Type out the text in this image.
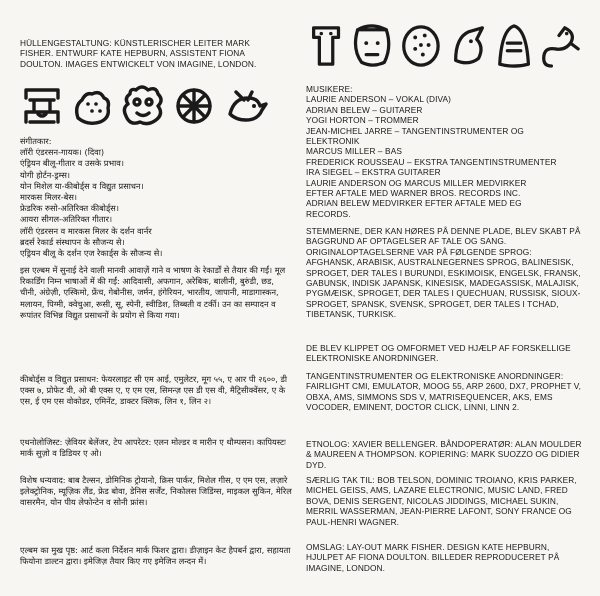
HÜLLENGESTALTUNG: KÜNSTLERISCHER LEITER MARK
FISHER. ENTWURF KATE HEPBURN, ASSISTENT FIONA
DOULTON. IMAGES ENTWICKELT VON IMAGINE, LONDON.
संगीतकार:
लॉरी एंडरसन-गायक। (दिवा)
एंड्रियन बीलू-गीतार व उसके प्रभाव।
योगी होर्टन-ड्रम्स।
योन मिशेल या-कीबोर्ड्स व विद्युत प्रसाधन।
मारकस मिलर-बेस।
फ्रेडरिक रुसो-अतिरिक्त कीबोर्ड्स।
आयरा सीगल-अतिरिक्त गीतार।
लॉरी एंडरसन व मारकस मिलर के दर्शन वार्नर
ब्रदर्स रेकार्ड संस्थापन के सौजन्य से।
एड्रियन बीलू के दर्शन एज रेकार्ड्स के सौजन्य से।

इस एल्बम में सुनाई देने वाली मानवी आवाज़ें गाने व भाषण के रेकार्डों से तैयार की गईं। मूल रिकार्डिंग निम्न भाषाओं में की गईं: आदिवासी, अफगान, अरेबिक, बालीनी, बुरुंडी, छड, चीनी, अंग्रेज़ी, एस्किमो, फ्रेंच, गेबोनीस, जर्मन, हंगेरियन, भारतीय, जापानी, माडागास्कन, मलायन, पिग्मी, क्वेचुआ, रूसी, सू, स्पेनी, स्वीडिश, तिब्बती व टर्की। उन का सम्पादन व रूपांतर विभिन्न विद्युत प्रसाधनों के प्रयोग से किया गया।

कीबोर्ड्स व विद्युत प्रसाधन: फेयरलाइट सी एम आई, एमुलेटर, मूग ५५, ए आर पी २६००, डी एक्स ७, प्रोफेट वी, ओ बी एक्स ए, ए एम एस, सिमन्ज़ एस डी एस वी, मैट्रिसीक्वेंसर, ए के एस, ई एम एस वोकोडर, एमिनेंट, डाक्टर क्लिक, लिन १, लिन २।

एथनोलोजिस्ट: ज़ेवियर बेलेंजर, टेप आपरेटर: एलन मोल्डर व मारीन ए थौम्पसन। कापियस्टः मार्क सुज़ो व डिडियर ए ओ।

विशेष धन्यवाद: बाब टैल्सन, डोमिनिक ट्रोयानो, क्रिस पार्कर, मिशेल गीस, ए एम एस, लज़ारे इलेक्ट्रोनिक, म्यूज़िक लैंड, फ्रेड बोवा, डेनिस सर्जेंट, निकोलस जिडिंग्स, माइकल सुकिन, मेरिल वासरमैन, योन पीय लेफोन्टेन व सोनी फ्रांस।

एल्बम का मुख पृष्ठ: आर्ट कला निर्देशन मार्क फिशर द्वारा। डीज़ाइन केट हैपबर्न द्वारा, सहायता फियोना डाल्टन द्वारा। इमेजिज़ तैयार किए गए इमेजिन लन्दन में।

MUSIKERE:
LAURIE ANDERSON – VOKAL (DIVA)
ADRIAN BELEW – GUITARER
YOGI HORTON – TROMMER
JEAN-MICHEL JARRE – TANGENTINSTRUMENTER OG
ELEKTRONIK
MARCUS MILLER – BAS
FREDERICK ROUSSEAU – EKSTRA TANGENTINSTRUMENTER
IRA SIEGEL – EKSTRA GUITARER
LAURIE ANDERSON OG MARCUS MILLER MEDVIRKER
EFTER AFTALE MED WARNER BROS. RECORDS INC.
ADRIAN BELEW MEDVIRKER EFTER AFTALE MED EG
RECORDS.

STEMMERNE, DER KAN HØRES PÅ DENNE PLADE, BLEV SKABT PÅ BAGGRUND AF OPTAGELSER AF TALE OG SANG. ORIGINALOPTAGELSERNE VAR PÅ FØLGENDE SPROG: AFGHANSK, ARABISK, AUSTRALNEGERNES SPROG, BALINESISK, SPROGET, DER TALES I BURUNDI, ESKIMOISK, ENGELSK, FRANSK, GABUNSK, INDISK JAPANSK, KINESISK, MADEGASSISK, MALAJISK, PYGMÆISK, SPROGET, DER TALES I QUECHUAN, RUSSISK, SIOUX-SPROGET, SPANSK, SVENSK, SPROGET, DER TALES I TCHAD, TIBETANSK, TURKISK.

DE BLEV KLIPPET OG OMFORMET VED HJÆLP AF FORSKELLIGE ELEKTRONISKE ANORDNINGER.

TANGENTINSTRUMENTER OG ELEKTRONISKE ANORDNINGER: FAIRLIGHT CMI, EMULATOR, MOOG 55, ARP 2600, DX7, PROPHET V, OBXA, AMS, SIMMONS SDS V, MATRISEQUENCER, AKS, EMS VOCODER, EMINENT, DOCTOR CLICK, LINNI, LINN 2.

ETNOLOG: XAVIER BELLENGER. BÅNDOPERATØR: ALAN MOULDER & MAUREEN A THOMPSON. KOPIERING: MARK SUOZZO OG DIDIER DYD.

SÆRLIG TAK TIL: BOB TELSON, DOMINIC TROIANO, KRIS PARKER, MICHEL GEISS, AMS, LAZARE ELECTRONIC, MUSIC LAND, FRED BOVA, DENIS SERGENT, NICOLAS JIDDINGS, MICHAEL SUKIN, MERRIL WASSERMAN, JEAN-PIERRE LAFONT, SONY FRANCE OG PAUL-HENRI WAGNER.

OMSLAG: LAY-OUT MARK FISHER. DESIGN KATE HEPBURN, HJULPET AF FIONA DOULTON. BILLEDER REPRODUCERET PÅ IMAGINE, LONDON.
